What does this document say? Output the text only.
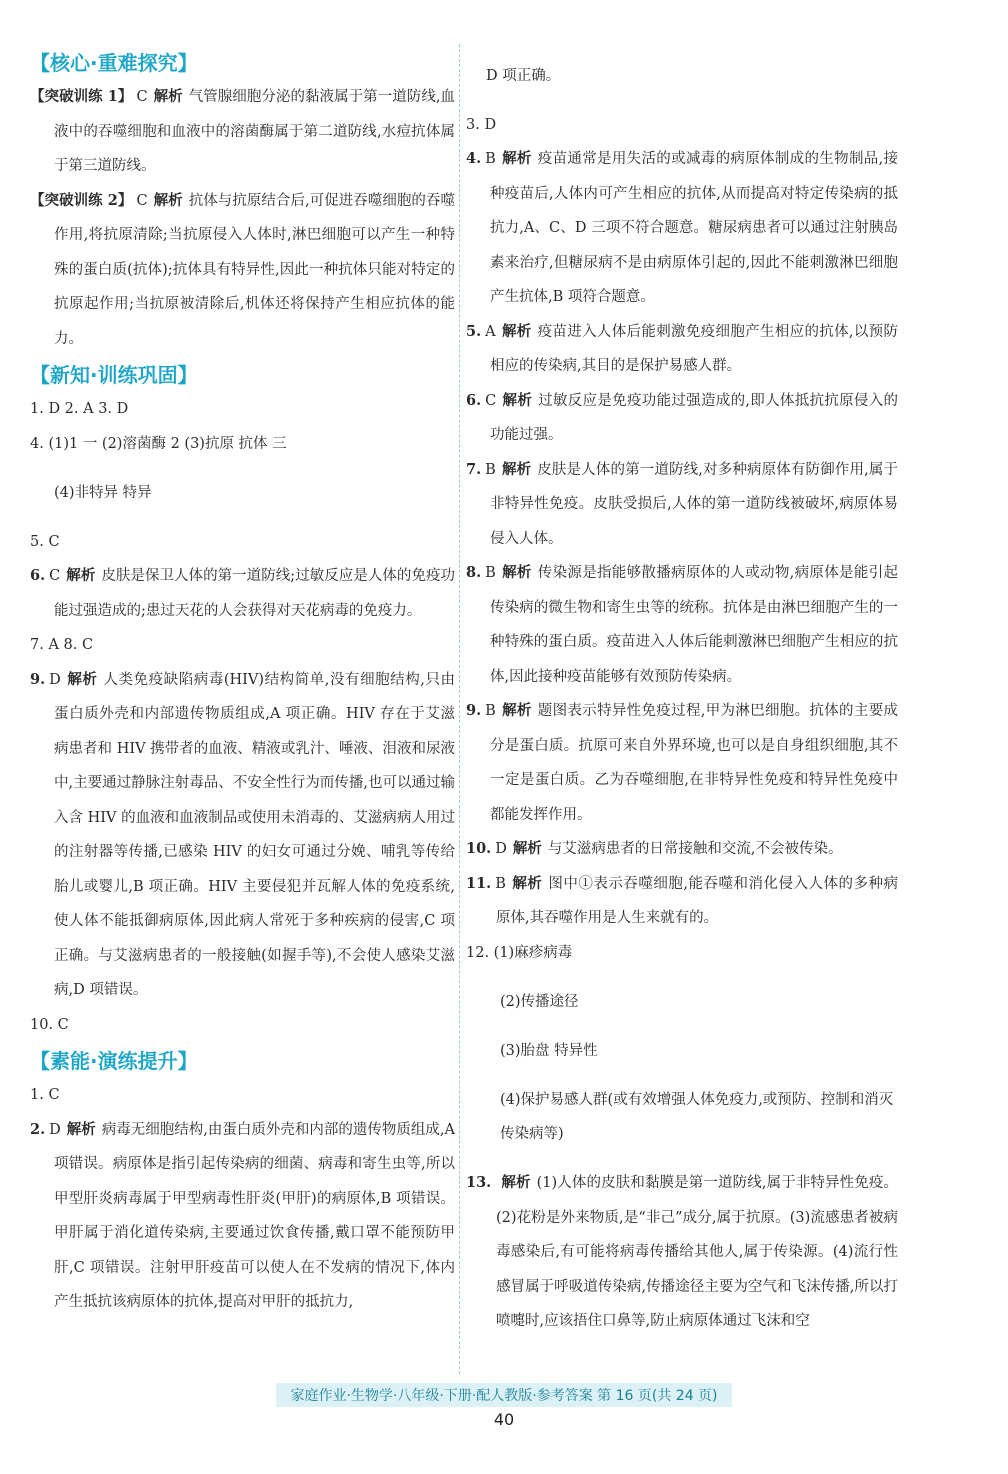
【核心·重难探究】

【突破训练 1】 C 解析 气管腺细胞分泌的黏液属于第一道防线,血液中的吞噬细胞和血液中的溶菌酶属于第二道防线,水痘抗体属于第三道防线。

【突破训练 2】 C 解析 抗体与抗原结合后,可促进吞噬细胞的吞噬作用,将抗原清除;当抗原侵入人体时,淋巴细胞可以产生一种特殊的蛋白质(抗体);抗体具有特异性,因此一种抗体只能对特定的抗原起作用;当抗原被清除后,机体还将保持产生相应抗体的能力。

【新知·训练巩固】

1. D 2. A 3. D

4. (1)1 一 (2)溶菌酶 2 (3)抗原 抗体 三

(4)非特异 特异

5. C

6. C 解析 皮肤是保卫人体的第一道防线;过敏反应是人体的免疫功能过强造成的;患过天花的人会获得对天花病毒的免疫力。

7. A 8. C

9. D 解析 人类免疫缺陷病毒(HIV)结构简单,没有细胞结构,只由蛋白质外壳和内部遗传物质组成,A 项正确。HIV 存在于艾滋病患者和 HIV 携带者的血液、精液或乳汁、唾液、泪液和尿液中,主要通过静脉注射毒品、不安全性行为而传播,也可以通过输入含 HIV 的血液和血液制品或使用未消毒的、艾滋病病人用过的注射器等传播,已感染 HIV 的妇女可通过分娩、哺乳等传给胎儿或婴儿,B 项正确。HIV 主要侵犯并瓦解人体的免疫系统,使人体不能抵御病原体,因此病人常死于多种疾病的侵害,C 项正确。与艾滋病患者的一般接触(如握手等),不会使人感染艾滋病,D 项错误。

10. C

【素能·演练提升】

1. C

2. D 解析 病毒无细胞结构,由蛋白质外壳和内部的遗传物质组成,A 项错误。病原体是指引起传染病的细菌、病毒和寄生虫等,所以甲型肝炎病毒属于甲型病毒性肝炎(甲肝)的病原体,B 项错误。甲肝属于消化道传染病,主要通过饮食传播,戴口罩不能预防甲肝,C 项错误。注射甲肝疫苗可以使人在不发病的情况下,体内产生抵抗该病原体的抗体,提高对甲肝的抵抗力,

D 项正确。

3. D

4. B 解析 疫苗通常是用失活的或减毒的病原体制成的生物制品,接种疫苗后,人体内可产生相应的抗体,从而提高对特定传染病的抵抗力,A、C、D 三项不符合题意。糖尿病患者可以通过注射胰岛素来治疗,但糖尿病不是由病原体引起的,因此不能刺激淋巴细胞产生抗体,B 项符合题意。

5. A 解析 疫苗进入人体后能刺激免疫细胞产生相应的抗体,以预防相应的传染病,其目的是保护易感人群。

6. C 解析 过敏反应是免疫功能过强造成的,即人体抵抗抗原侵入的功能过强。

7. B 解析 皮肤是人体的第一道防线,对多种病原体有防御作用,属于非特异性免疫。皮肤受损后,人体的第一道防线被破坏,病原体易侵入人体。

8. B 解析 传染源是指能够散播病原体的人或动物,病原体是能引起传染病的微生物和寄生虫等的统称。抗体是由淋巴细胞产生的一种特殊的蛋白质。疫苗进入人体后能刺激淋巴细胞产生相应的抗体,因此接种疫苗能够有效预防传染病。

9. B 解析 题图表示特异性免疫过程,甲为淋巴细胞。抗体的主要成分是蛋白质。抗原可来自外界环境,也可以是自身组织细胞,其不一定是蛋白质。乙为吞噬细胞,在非特异性免疫和特异性免疫中都能发挥作用。

10. D 解析 与艾滋病患者的日常接触和交流,不会被传染。

11. B 解析 图中①表示吞噬细胞,能吞噬和消化侵入人体的多种病原体,其吞噬作用是人生来就有的。

12. (1)麻疹病毒

(2)传播途径

(3)胎盘 特异性

(4)保护易感人群(或有效增强人体免疫力,或预防、控制和消灭传染病等)

13. 解析 (1)人体的皮肤和黏膜是第一道防线,属于非特异性免疫。(2)花粉是外来物质,是“非己”成分,属于抗原。(3)流感患者被病毒感染后,有可能将病毒传播给其他人,属于传染源。(4)流行性感冒属于呼吸道传染病,传播途径主要为空气和飞沫传播,所以打喷嚏时,应该捂住口鼻等,防止病原体通过飞沫和空

家庭作业·生物学·八年级·下册·配人教版·参考答案 第 16 页(共 24 页)
40
